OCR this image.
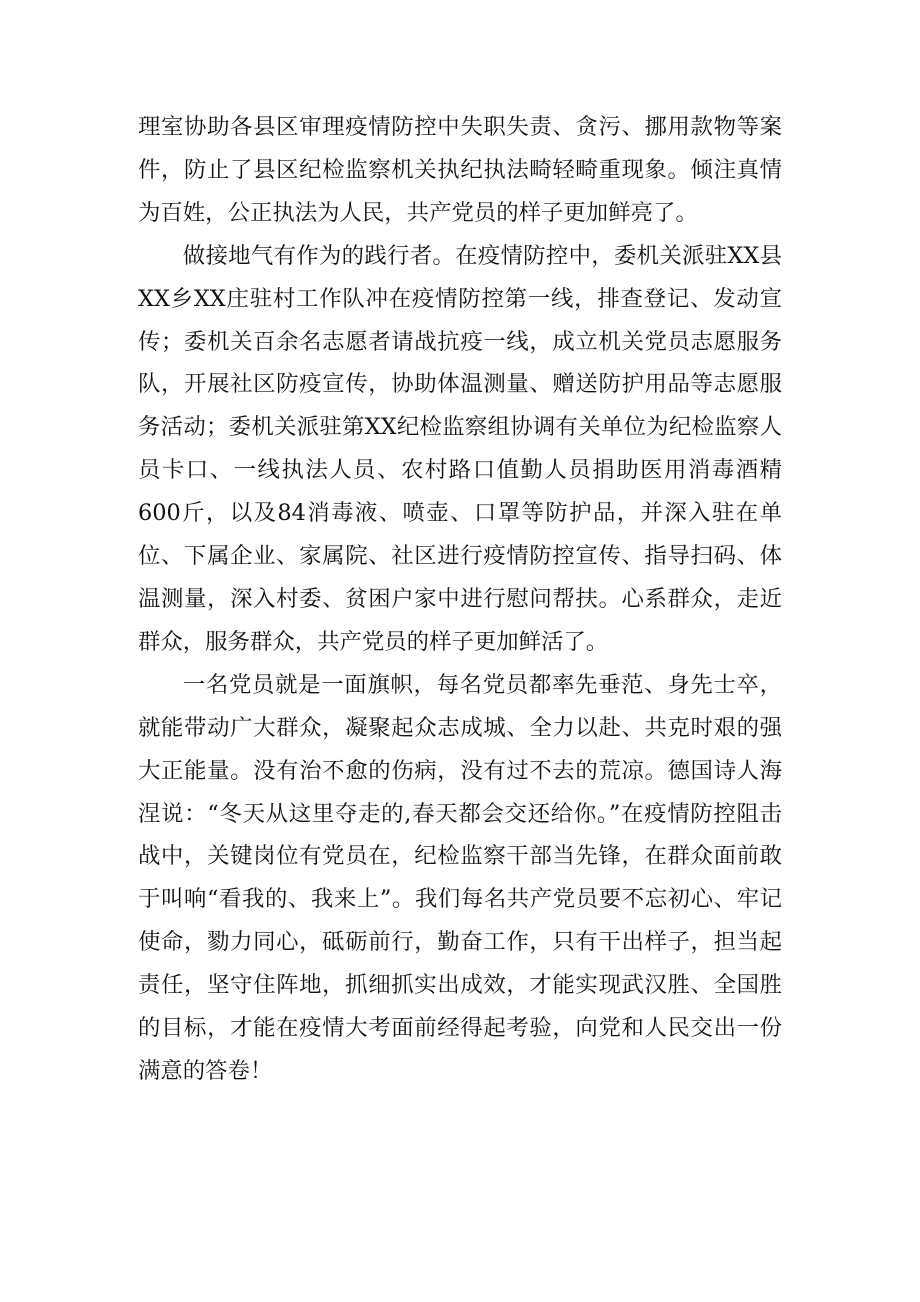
理室协助各县区审理疫情防控中失职失责、贪污、挪用款物等案件，防止了县区纪检监察机关执纪执法畸轻畸重现象。倾注真情为百姓，公正执法为人民，共产党员的样子更加鲜亮了。

做接地气有作为的践行者。在疫情防控中，委机关派驻XX县XX乡XX庄驻村工作队冲在疫情防控第一线，排查登记、发动宣传；委机关百余名志愿者请战抗疫一线，成立机关党员志愿服务队，开展社区防疫宣传，协助体温测量、赠送防护用品等志愿服务活动；委机关派驻第XX纪检监察组协调有关单位为纪检监察人员卡口、一线执法人员、农村路口值勤人员捐助医用消毒酒精600斤，以及84消毒液、喷壶、口罩等防护品，并深入驻在单位、下属企业、家属院、社区进行疫情防控宣传、指导扫码、体温测量，深入村委、贫困户家中进行慰问帮扶。心系群众，走近群众，服务群众，共产党员的样子更加鲜活了。

一名党员就是一面旗帜，每名党员都率先垂范、身先士卒，就能带动广大群众，凝聚起众志成城、全力以赴、共克时艰的强大正能量。没有治不愈的伤病，没有过不去的荒凉。德国诗人海涅说：“冬天从这里夺走的,春天都会交还给你。”在疫情防控阻击战中，关键岗位有党员在，纪检监察干部当先锋，在群众面前敢于叫响“看我的、我来上”。我们每名共产党员要不忘初心、牢记使命，勠力同心，砥砺前行，勤奋工作，只有干出样子，担当起责任，坚守住阵地，抓细抓实出成效，才能实现武汉胜、全国胜的目标，才能在疫情大考面前经得起考验，向党和人民交出一份满意的答卷！
